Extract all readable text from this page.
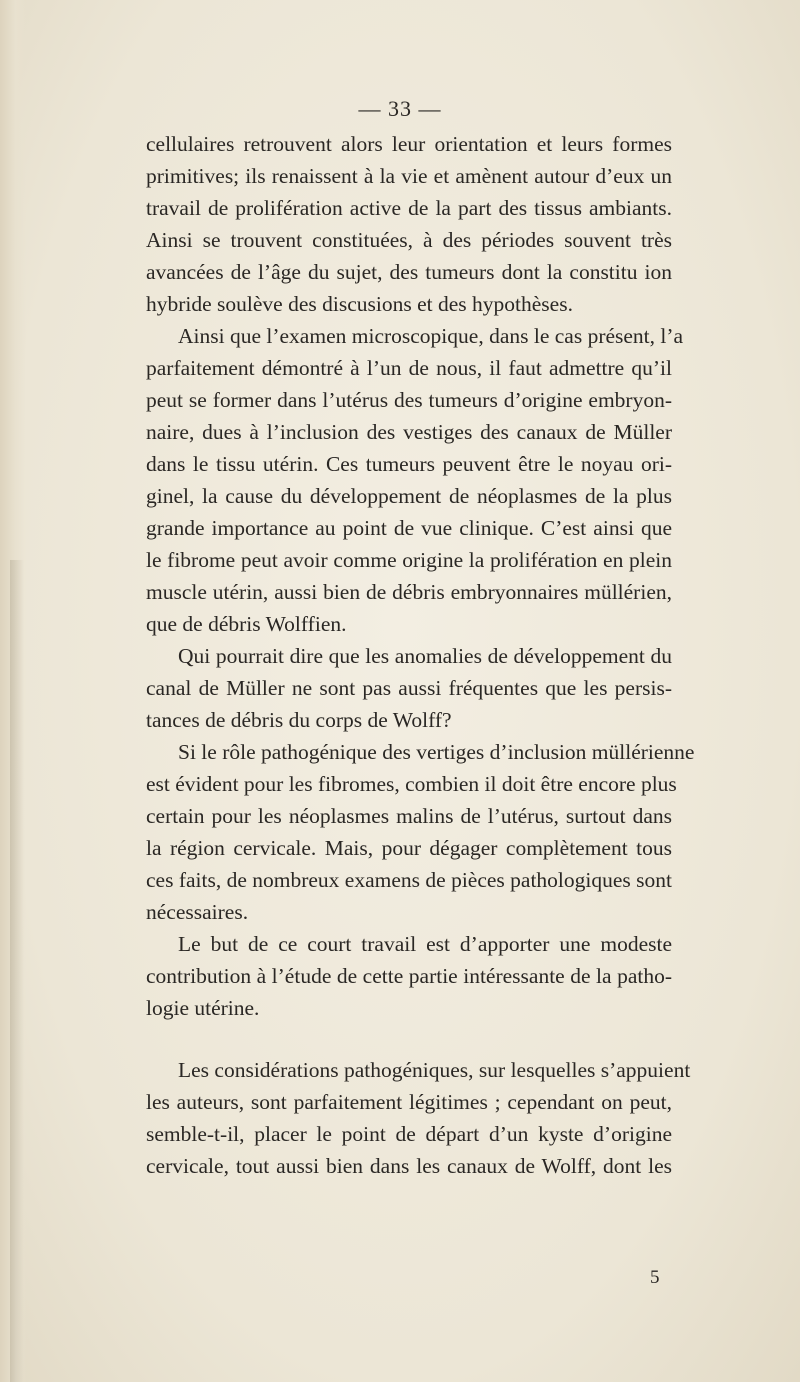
— 33 —
cellulaires retrouvent alors leur orientation et leurs formes
primitives; ils renaissent à la vie et amènent autour d’eux un
travail de prolifération active de la part des tissus ambiants.
Ainsi se trouvent constituées, à des périodes souvent très
avancées de l’âge du sujet, des tumeurs dont la constitu ion
hybride soulève des discusions et des hypothèses.
Ainsi que l’examen microscopique, dans le cas présent, l’a
parfaitement démontré à l’un de nous, il faut admettre qu’il
peut se former dans l’utérus des tumeurs d’origine embryon-
naire, dues à l’inclusion des vestiges des canaux de Müller
dans le tissu utérin. Ces tumeurs peuvent être le noyau ori-
ginel, la cause du développement de néoplasmes de la plus
grande importance au point de vue clinique. C’est ainsi que
le fibrome peut avoir comme origine la prolifération en plein
muscle utérin, aussi bien de débris embryonnaires müllérien,
que de débris Wolffien.
Qui pourrait dire que les anomalies de développement du
canal de Müller ne sont pas aussi fréquentes que les persis-
tances de débris du corps de Wolff?
Si le rôle pathogénique des vertiges d’inclusion müllérienne
est évident pour les fibromes, combien il doit être encore plus
certain pour les néoplasmes malins de l’utérus, surtout dans
la région cervicale. Mais, pour dégager complètement tous
ces faits, de nombreux examens de pièces pathologiques sont
nécessaires.
Le but de ce court travail est d’apporter une modeste
contribution à l’étude de cette partie intéressante de la patho-
logie utérine.
Les considérations pathogéniques, sur lesquelles s’appuient
les auteurs, sont parfaitement légitimes ; cependant on peut,
semble-t-il, placer le point de départ d’un kyste d’origine
cervicale, tout aussi bien dans les canaux de Wolff, dont les
5
